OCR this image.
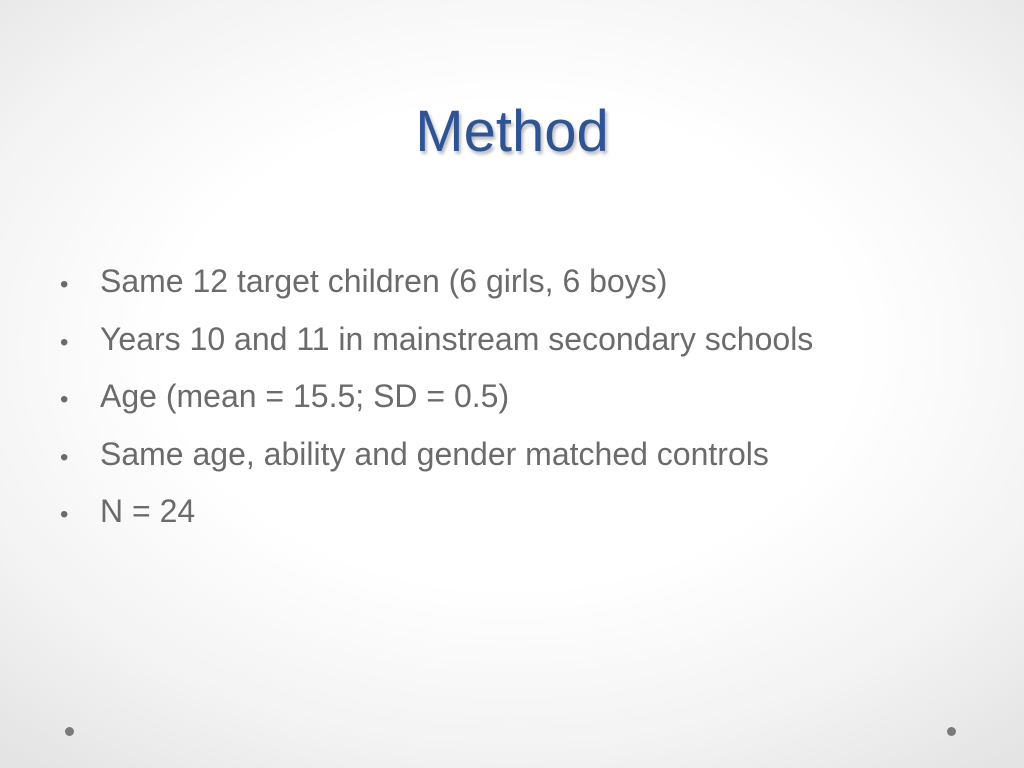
Method
• Same 12 target children (6 girls, 6 boys)
• Years 10 and 11 in mainstream secondary schools
• Age (mean = 15.5; SD = 0.5)
• Same age, ability and gender matched controls
• N = 24
